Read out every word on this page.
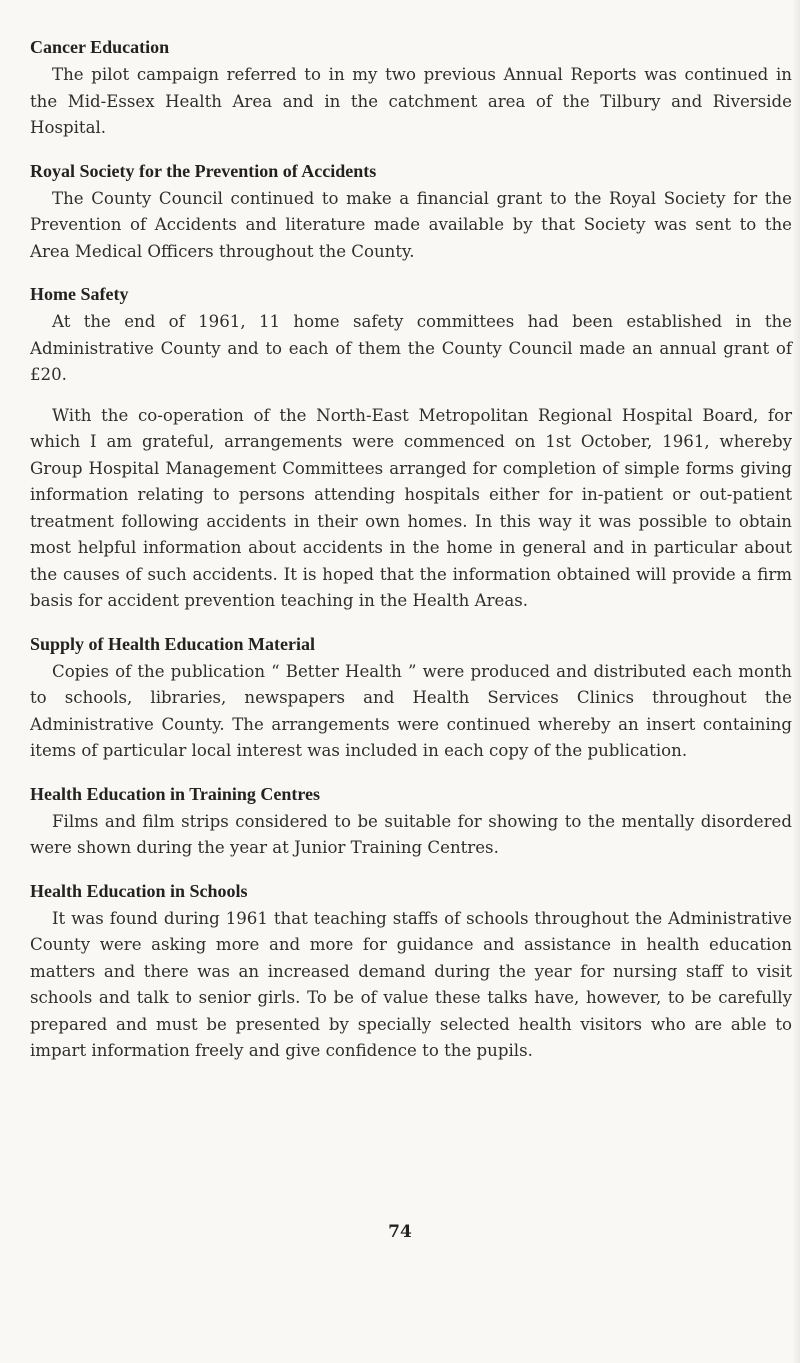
Cancer Education

The pilot campaign referred to in my two previous Annual Reports was continued in the Mid-Essex Health Area and in the catchment area of the Tilbury and Riverside Hospital.

Royal Society for the Prevention of Accidents

The County Council continued to make a financial grant to the Royal Society for the Prevention of Accidents and literature made available by that Society was sent to the Area Medical Officers throughout the County.

Home Safety

At the end of 1961, 11 home safety committees had been established in the Administrative County and to each of them the County Council made an annual grant of £20.

With the co-operation of the North-East Metropolitan Regional Hospital Board, for which I am grateful, arrangements were commenced on 1st October, 1961, whereby Group Hospital Management Committees arranged for completion of simple forms giving information relating to persons attending hospitals either for in-patient or out-patient treatment following accidents in their own homes. In this way it was possible to obtain most helpful information about accidents in the home in general and in particular about the causes of such accidents. It is hoped that the information obtained will provide a firm basis for accident prevention teaching in the Health Areas.

Supply of Health Education Material

Copies of the publication “ Better Health ” were produced and distributed each month to schools, libraries, newspapers and Health Services Clinics throughout the Administrative County. The arrangements were continued whereby an insert containing items of particular local interest was included in each copy of the publication.

Health Education in Training Centres

Films and film strips considered to be suitable for showing to the mentally disordered were shown during the year at Junior Training Centres.

Health Education in Schools

It was found during 1961 that teaching staffs of schools throughout the Administrative County were asking more and more for guidance and assistance in health education matters and there was an increased demand during the year for nursing staff to visit schools and talk to senior girls. To be of value these talks have, however, to be carefully prepared and must be presented by specially selected health visitors who are able to impart information freely and give confidence to the pupils.

74
